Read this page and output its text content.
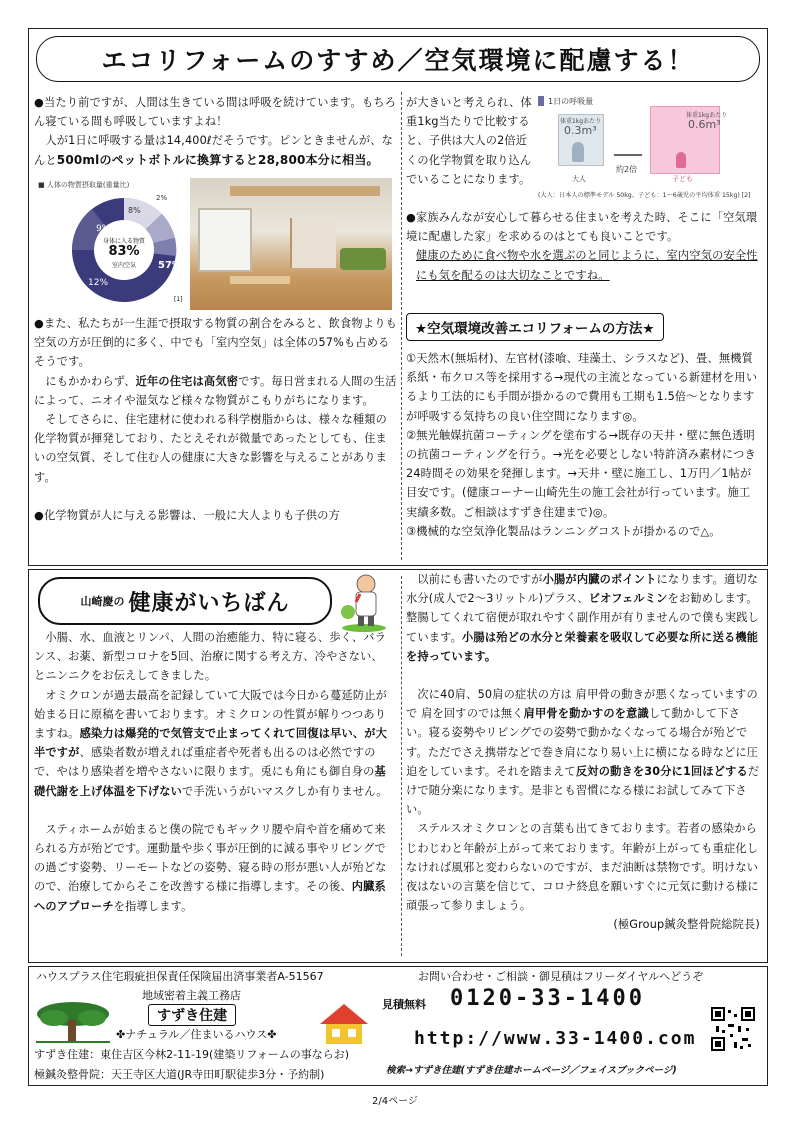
エコリフォームのすすめ／空気環境に配慮する！

●当たり前ですが、人間は生きている間は呼吸を続けています。もちろん寝ている間も呼吸していますよね！

　人が1日に呼吸する量は14,400ℓだそうです。ピンときませんが、なんと500mlのペットボトルに換算すると28,800本分に相当。

■ 人体の物質摂取量(重量比)
身体に入る物質
83%
室内空気	57%
12%
9%
8%
2%
[1]

●また、私たちが一生涯で摂取する物質の割合をみると、飲食物よりも空気の方が圧倒的に多く、中でも「室内空気」は全体の57%も占めるそうです。

　にもかかわらず、近年の住宅は高気密です。毎日営まれる人間の生活によって、ニオイや湿気など様々な物質がこもりがちになります。

　そしてさらに、住宅建材に使われる科学樹脂からは、様々な種類の化学物質が揮発しており、たとえそれが微量であったとしても、住まいの空気質、そして住む人の健康に大きな影響を与えることがあります。

●化学物質が人に与える影響は、一般に大人よりも子供の方

が大きいと考えられ、体重1kg当たりで比較すると、子供は大人の2倍近くの化学物質を取り込んでいることになります。

1日の呼吸量
体重1kgあたり
0.3m³
大人
約2倍
体重1kgあたり
0.6m³
子ども
(大人：日本人の標準モデル 50kg、子ども：1〜6歳児の平均体重 15kg) [2]

●家族みんなが安心して暮らせる住まいを考えた時、そこに「空気環境に配慮した家」を求めるのはとても良いことです。

健康のために食べ物や水を選ぶのと同じように、室内空気の安全性にも気を配るのは大切なことですね。

★空気環境改善エコリフォームの方法★

①天然木(無垢材)、左官材(漆喰、珪藻土、シラスなど)、畳、無機質系紙・布クロス等を採用する→現代の主流となっている新建材を用いるより工法的にも手間が掛かるので費用も工期も1.5倍〜となりますが呼吸する気持ちの良い住空間になります◎。

②無光触媒抗菌コーティングを塗布する→既存の天井・壁に無色透明の抗菌コーティングを行う。→光を必要としない特許済み素材につき24時間その効果を発揮します。→天井・壁に施工し、1万円／1帖が目安です。(健康コーナー山崎先生の施工会社が行っています。施工実績多数。ご相談はすずき住建まで)◎。

③機械的な空気浄化製品はランニングコストが掛かるので△。

山崎慶の 健康がいちばん

　小腸、水、血液とリンパ、人間の治癒能力、特に寝る、歩く、バランス、お薬、新型コロナを5回、治療に関する考え方、冷やさない、とニンニクをお伝えしてきました。

　オミクロンが過去最高を記録していて大阪では今日から蔓延防止が始まる日に原稿を書いております。オミクロンの性質が解りつつありますね。感染力は爆発的で気管支で止まってくれて回復は早い、が大半ですが、感染者数が増えれば重症者や死者も出るのは必然ですので、やはり感染者を増やさないに限ります。兎にも角にも御自身の基礎代謝を上げ体温を下げないで手洗いうがいマスクしか有りません。

　スティホームが始まると僕の院でもギックリ腰や肩や首を痛めて来られる方が殆どです。運動量や歩く事が圧倒的に減る事やリビングでの過ごす姿勢、リーモートなどの姿勢、寝る時の形が悪い人が殆どなので、治療してからそこを改善する様に指導します。その後、内臓系へのアプローチを指導します。

　以前にも書いたのですが小腸が内臓のポイントになります。適切な水分(成人で2〜3リットル)プラス、ビオフェルミンをお勧めします。整腸してくれて宿便が取れやすく副作用が有りませんので僕も実践しています。小腸は殆どの水分と栄養素を吸収して必要な所に送る機能を持っています。

　次に40肩、50肩の症状の方は 肩甲骨の動きが悪くなっていますので 肩を回すのでは無く肩甲骨を動かすのを意識して動かして下さい。寝る姿勢やリビングでの姿勢で動かなくなってる場合が殆どです。ただでさえ携帯などで巻き肩になり易い上に横になる時などに圧迫をしています。それを踏まえて反対の動きを30分に1回ほどするだけで随分楽になります。是非とも習慣になる様にお試してみて下さい。

　ステルスオミクロンとの言葉も出てきております。若者の感染からじわじわと年齢が上がって来ております。年齢が上がっても重症化しなければ風邪と変わらないのですが、まだ油断は禁物です。明けない夜はないの言葉を信じて、コロナ終息を願いすぐに元気に動ける様に頑張って参りましょう。

(極Group鍼灸整骨院総院長)

ハウスプラス住宅瑕疵担保責任保険届出済事業者A-51567
地域密着主義工務店
すずき住建
✤ナチュラル／住まいるハウス✤
すずき住建：東住吉区今林2-11-19(建築リフォームの事ならお)
極鍼灸整骨院：天王寺区大道(JR寺田町駅徒歩3分・予約制)
お問い合わせ・ご相談・御見積はフリーダイヤルへどうぞ
見積無料 0120-33-1400
http://www.33-1400.com
検索→すずき住建(すずき住建ホームページ／フェイスブックページ)
2/4ページ
